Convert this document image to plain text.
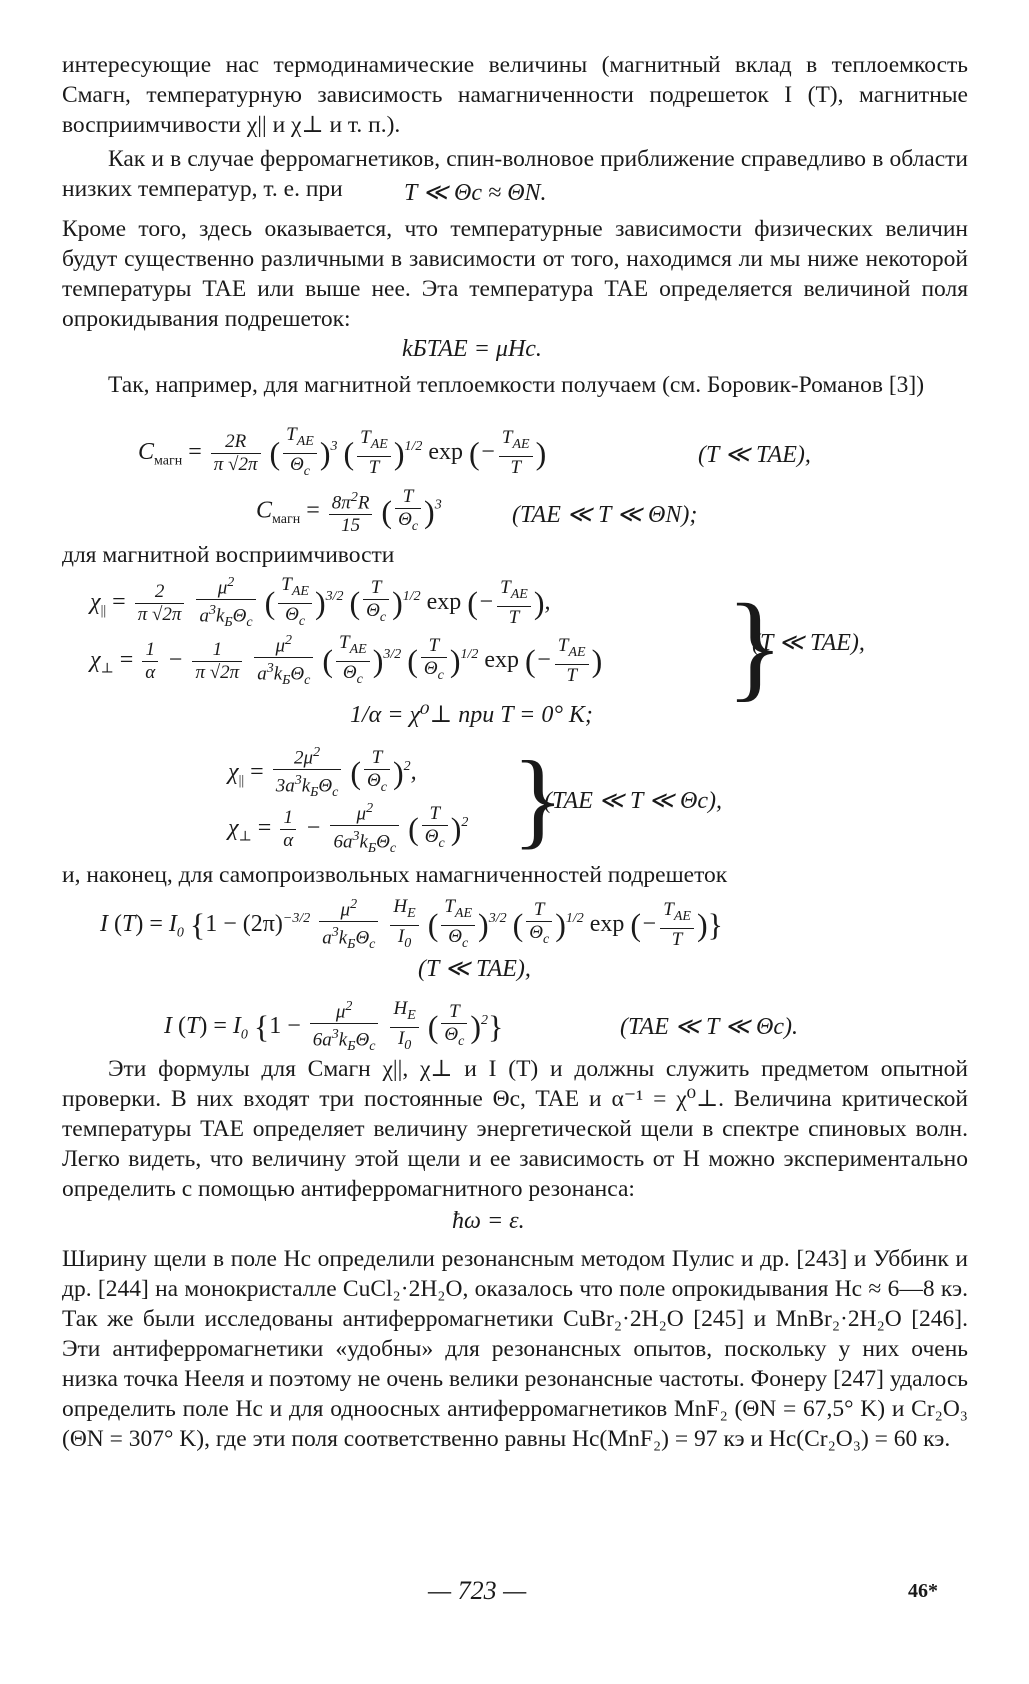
интересующие нас термодинамические величины (магнитный вклад в теплоемкость Cмагн, температурную зависимость намагниченности подрешеток I (T), магнитные восприимчивости χ|| и χ⊥ и т. п.).

Как и в случае ферромагнетиков, спин-волновое приближение справедливо в области низких температур, т. е. при	T ≪ Θc ≈ ΘN.

Кроме того, здесь оказывается, что температурные зависимости физических величин будут существенно различными в зависимости от того, находимся ли мы ниже некоторой температуры TAE или выше нее. Эта температура TAE определяется величиной поля опрокидывания подрешеток:

kБTAE = μHc.

Так, например, для магнитной теплоемкости получаем (см. Боровик-Романов [3])

$C_{магн} = \frac{2R}{\pi √2\pi}$ ( $\frac{T_{AE}}{\Theta_c} )^3$ ( $\frac{T_{AE}}{T} )^{1/2}$ exp (− $\frac{T_{AE}}{T}$ )	(T ≪ TAE),
$C_{магн} = \frac{8\pi^2R}{15}$ ( $\frac{T}{\Theta_c} )^3$	(TAE ≪ T ≪ ΘN);

для магнитной восприимчивости

$\chi_{||} = \frac{2}{\pi √2\pi}$
$\frac{\mu^2}{a^3k_Б\Theta_c}$ ( $\frac{T_{AE}}{\Theta_c} )^{3/2}$ ( $\frac{T}{\Theta_c} )^{1/2}$ exp (− $\frac{T_{AE}}{T}$ ),
$\chi_\perp = \frac{1}{\alpha} - \frac{1}{\pi √2\pi}$
$\frac{\mu^2}{a^3k_Б\Theta_c}$ ( $\frac{T_{AE}}{\Theta_c} )^{3/2}$ ( $\frac{T}{\Theta_c} )^{1/2}$ exp (− $\frac{T_{AE}}{T}$ ) }
(T ≪ TAE),
1/α = χ⁰⊥ при T = 0° K;
$\chi_{||} = \frac{2\mu^2}{3a^3k_Б\Theta_c}$ ( $\frac{T}{\Theta_c} )^2$,
$\chi_\perp = \frac{1}{\alpha} - \frac{\mu^2}{6a^3k_Б\Theta_c}$ ( $\frac{T}{\Theta_c} )^2$ }
(TAE ≪ T ≪ Θc),

и, наконец, для самопроизвольных намагниченностей подрешеток

I $(T) = I_0$ {$1 - (2\pi)^{-3/2} \frac{\mu^2}{a^3k_Б\Theta_c}$
$\frac{H_E}{I_0}$ ( $\frac{T_{AE}}{\Theta_c} )^{3/2}$ ( $\frac{T}{\Theta_c} )^{1/2}$ exp (− $\frac{T_{AE}}{T}$ )}
(T ≪ TAE),
I $(T) = I_0$ {$1 - \frac{\mu^2}{6a^3k_Б\Theta_c}$
$\frac{H_E}{I_0}$ ( $\frac{T}{\Theta_c} )^2$}	(TAE ≪ T ≪ Θc).

Эти формулы для Cмагн χ||, χ⊥ и I (T) и должны служить предметом опытной проверки. В них входят три постоянные Θc, TAE и α⁻¹ = χ⁰⊥. Величина критической температуры TAE определяет величину энергетической щели в спектре спиновых волн. Легко видеть, что величину этой щели и ее зависимость от H можно экспериментально определить с помощью антиферромагнитного резонанса:

ħω = ε.

Ширину щели в поле Hc определили резонансным методом Пулис и др. [243] и Уббинк и др. [244] на монокристалле CuCl₂·2H₂O, оказалось что поле опрокидывания Hc ≈ 6—8 кэ. Так же были исследованы антиферромагнетики CuBr₂·2H₂O [245] и MnBr₂·2H₂O [246]. Эти антиферромагнетики «удобны» для резонансных опытов, поскольку у них очень низка точка Нееля и поэтому не очень велики резонансные частоты. Фонеру [247] удалось определить поле Hc и для одноосных антиферромагнетиков MnF₂ (ΘN = 67,5° K) и Cr₂O₃ (ΘN = 307° K), где эти поля соответственно равны Hc(MnF₂) = 97 кэ и Hc(Cr₂O₃) = 60 кэ.

— 723 —	46*
